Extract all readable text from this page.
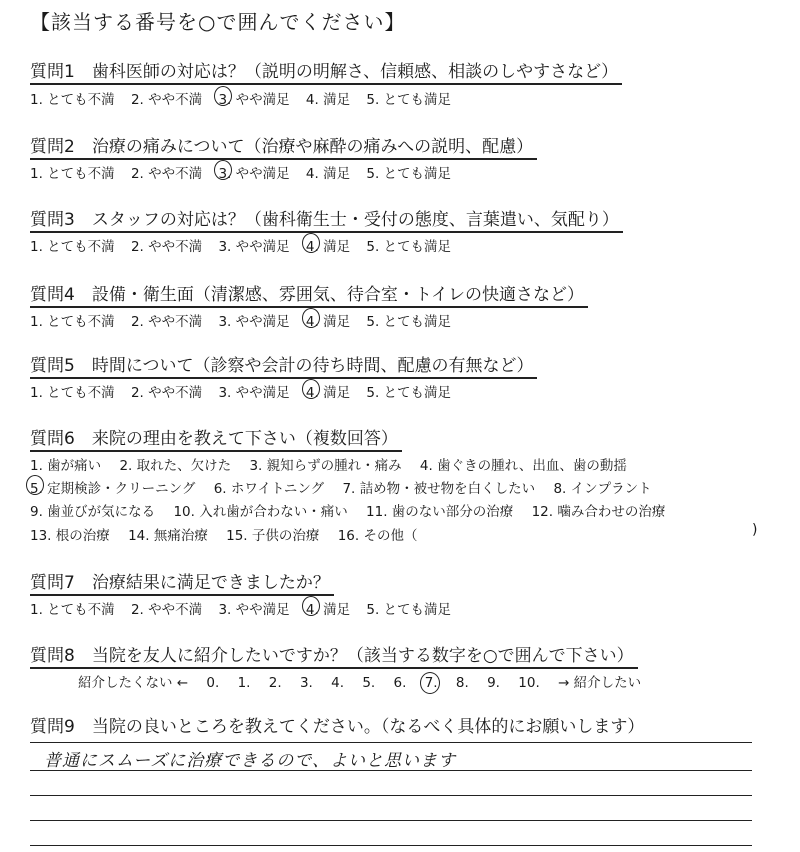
【該当する番号を○で囲んでください】
質問1　歯科医師の対応は？（説明の明解さ、信頼感、相談のしやすさなど）
1. とても不満 2. やや不満 3. やや満足 4. 満足 5. とても満足
質問2　治療の痛みについて（治療や麻酔の痛みへの説明、配慮）
1. とても不満 2. やや不満 3. やや満足 4. 満足 5. とても満足
質問3　スタッフの対応は？（歯科衛生士・受付の態度、言葉遣い、気配り）
1. とても不満 2. やや不満 3. やや満足 4. 満足 5. とても満足
質問4　設備・衛生面（清潔感、雰囲気、待合室・トイレの快適さなど）
1. とても不満 2. やや不満 3. やや満足 4. 満足 5. とても満足
質問5　時間について（診察や会計の待ち時間、配慮の有無など）
1. とても不満 2. やや不満 3. やや満足 4. 満足 5. とても満足
質問6　来院の理由を教えて下さい（複数回答）
1. 歯が痛い 2. 取れた、欠けた 3. 親知らずの腫れ・痛み 4. 歯ぐきの腫れ、出血、歯の動揺
5. 定期検診・クリーニング 6. ホワイトニング 7. 詰め物・被せ物を白くしたい 8. インプラント
9. 歯並びが気になる 10. 入れ歯が合わない・痛い 11. 歯のない部分の治療 12. 噛み合わせの治療
13. 根の治療 14. 無痛治療 15. 子供の治療 16. その他（	)
質問7　治療結果に満足できましたか？
1. とても不満 2. やや不満 3. やや満足 4. 満足 5. とても満足
質問8　当院を友人に紹介したいですか？（該当する数字を○で囲んで下さい）
紹介したくない ← 0. 1. 2. 3. 4. 5. 6. 7. 8. 9. 10. → 紹介したい
質問9　当院の良いところを教えてください。（なるべく具体的にお願いします）
普通にスムーズに治療できるので、よいと思います
